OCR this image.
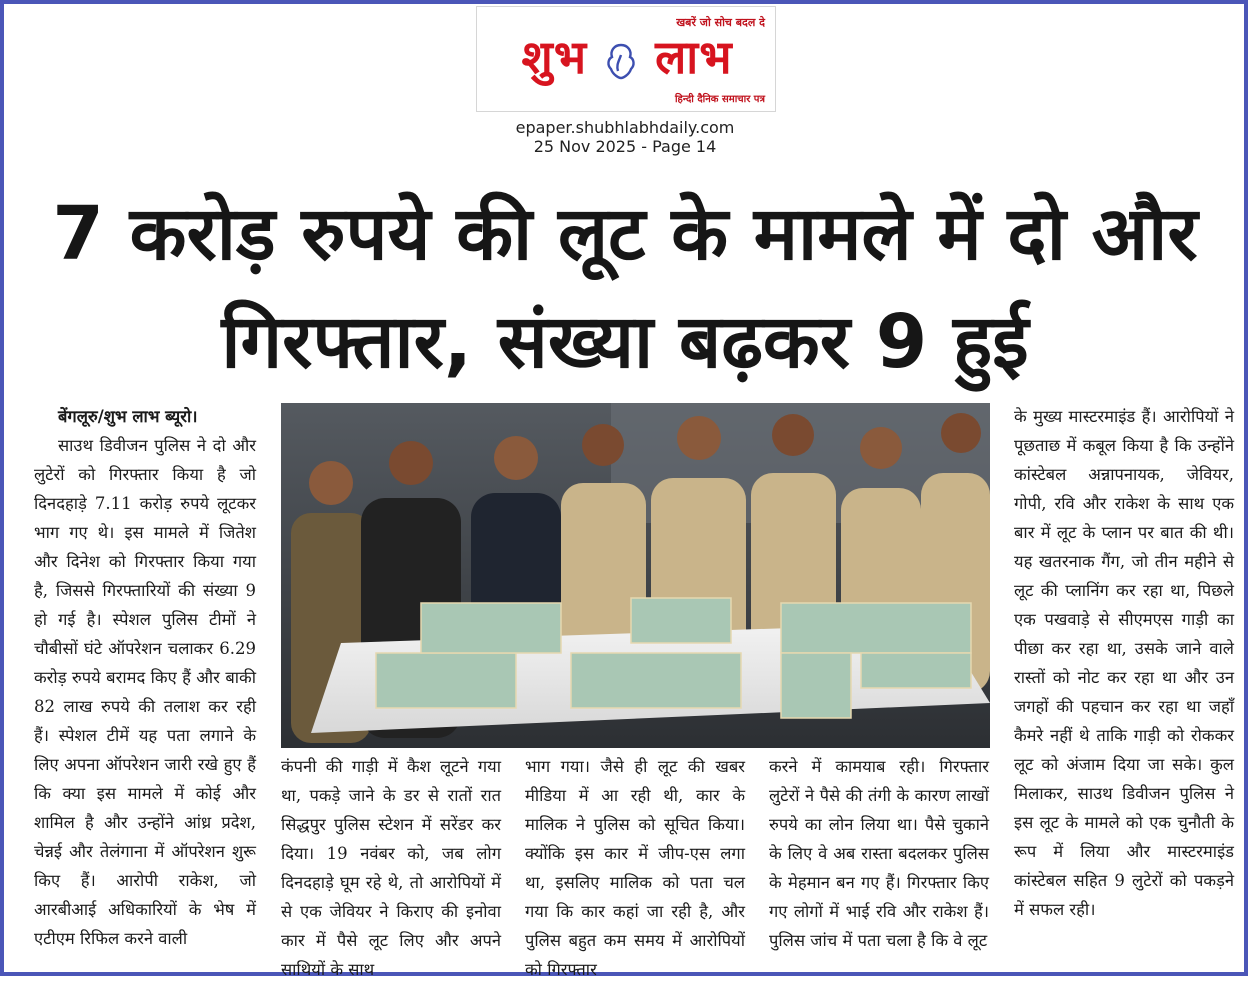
खबरें जो सोच बदल दे
शुभ लाभ
हिन्दी दैनिक समाचार पत्र
epaper.shubhlabhdaily.com
25 Nov 2025 - Page 14
7 करोड़ रुपये की लूट के मामले में दो और गिरफ्तार, संख्या बढ़कर 9 हुई

बेंगलूरु/शुभ लाभ ब्यूरो।

साउथ डिवीजन पुलिस ने दो और लुटेरों को गिरफ्तार किया है जो दिनदहाड़े 7.11 करोड़ रुपये लूटकर भाग गए थे। इस मामले में जितेश और दिनेश को गिरफ्तार किया गया है, जिससे गिरफ्तारियों की संख्या 9 हो गई है। स्पेशल पुलिस टीमों ने चौबीसों घंटे ऑपरेशन चलाकर 6.29 करोड़ रुपये बरामद किए हैं और बाकी 82 लाख रुपये की तलाश कर रही हैं। स्पेशल टीमें यह पता लगाने के लिए अपना ऑपरेशन जारी रखे हुए हैं कि क्या इस मामले में कोई और शामिल है और उन्होंने आंध्र प्रदेश, चेन्नई और तेलंगाना में ऑपरेशन शुरू किए हैं। आरोपी राकेश, जो आरबीआई अधिकारियों के भेष में एटीएम रिफिल करने वाली

कंपनी की गाड़ी में कैश लूटने गया था, पकड़े जाने के डर से रातों रात सिद्धपुर पुलिस स्टेशन में सरेंडर कर दिया। 19 नवंबर को, जब लोग दिनदहाड़े घूम रहे थे, तो आरोपियों में से एक जेवियर ने किराए की इनोवा कार में पैसे लूट लिए और अपने साथियों के साथ

भाग गया। जैसे ही लूट की खबर मीडिया में आ रही थी, कार के मालिक ने पुलिस को सूचित किया। क्योंकि इस कार में जीप-एस लगा था, इसलिए मालिक को पता चल गया कि कार कहां जा रही है, और पुलिस बहुत कम समय में आरोपियों को गिरफ्तार

करने में कामयाब रही। गिरफ्तार लुटेरों ने पैसे की तंगी के कारण लाखों रुपये का लोन लिया था। पैसे चुकाने के लिए वे अब रास्ता बदलकर पुलिस के मेहमान बन गए हैं। गिरफ्तार किए गए लोगों में भाई रवि और राकेश हैं। पुलिस जांच में पता चला है कि वे लूट

के मुख्य मास्टरमाइंड हैं। आरोपियों ने पूछताछ में कबूल किया है कि उन्होंने कांस्टेबल अन्नापनायक, जेवियर, गोपी, रवि और राकेश के साथ एक बार में लूट के प्लान पर बात की थी। यह खतरनाक गैंग, जो तीन महीने से लूट की प्लानिंग कर रहा था, पिछले एक पखवाड़े से सीएमएस गाड़ी का पीछा कर रहा था, उसके जाने वाले रास्तों को नोट कर रहा था और उन जगहों की पहचान कर रहा था जहाँ कैमरे नहीं थे ताकि गाड़ी को रोककर लूट को अंजाम दिया जा सके। कुल मिलाकर, साउथ डिवीजन पुलिस ने इस लूट के मामले को एक चुनौती के रूप में लिया और मास्टरमाइंड कांस्टेबल सहित 9 लुटेरों को पकड़ने में सफल रही।
